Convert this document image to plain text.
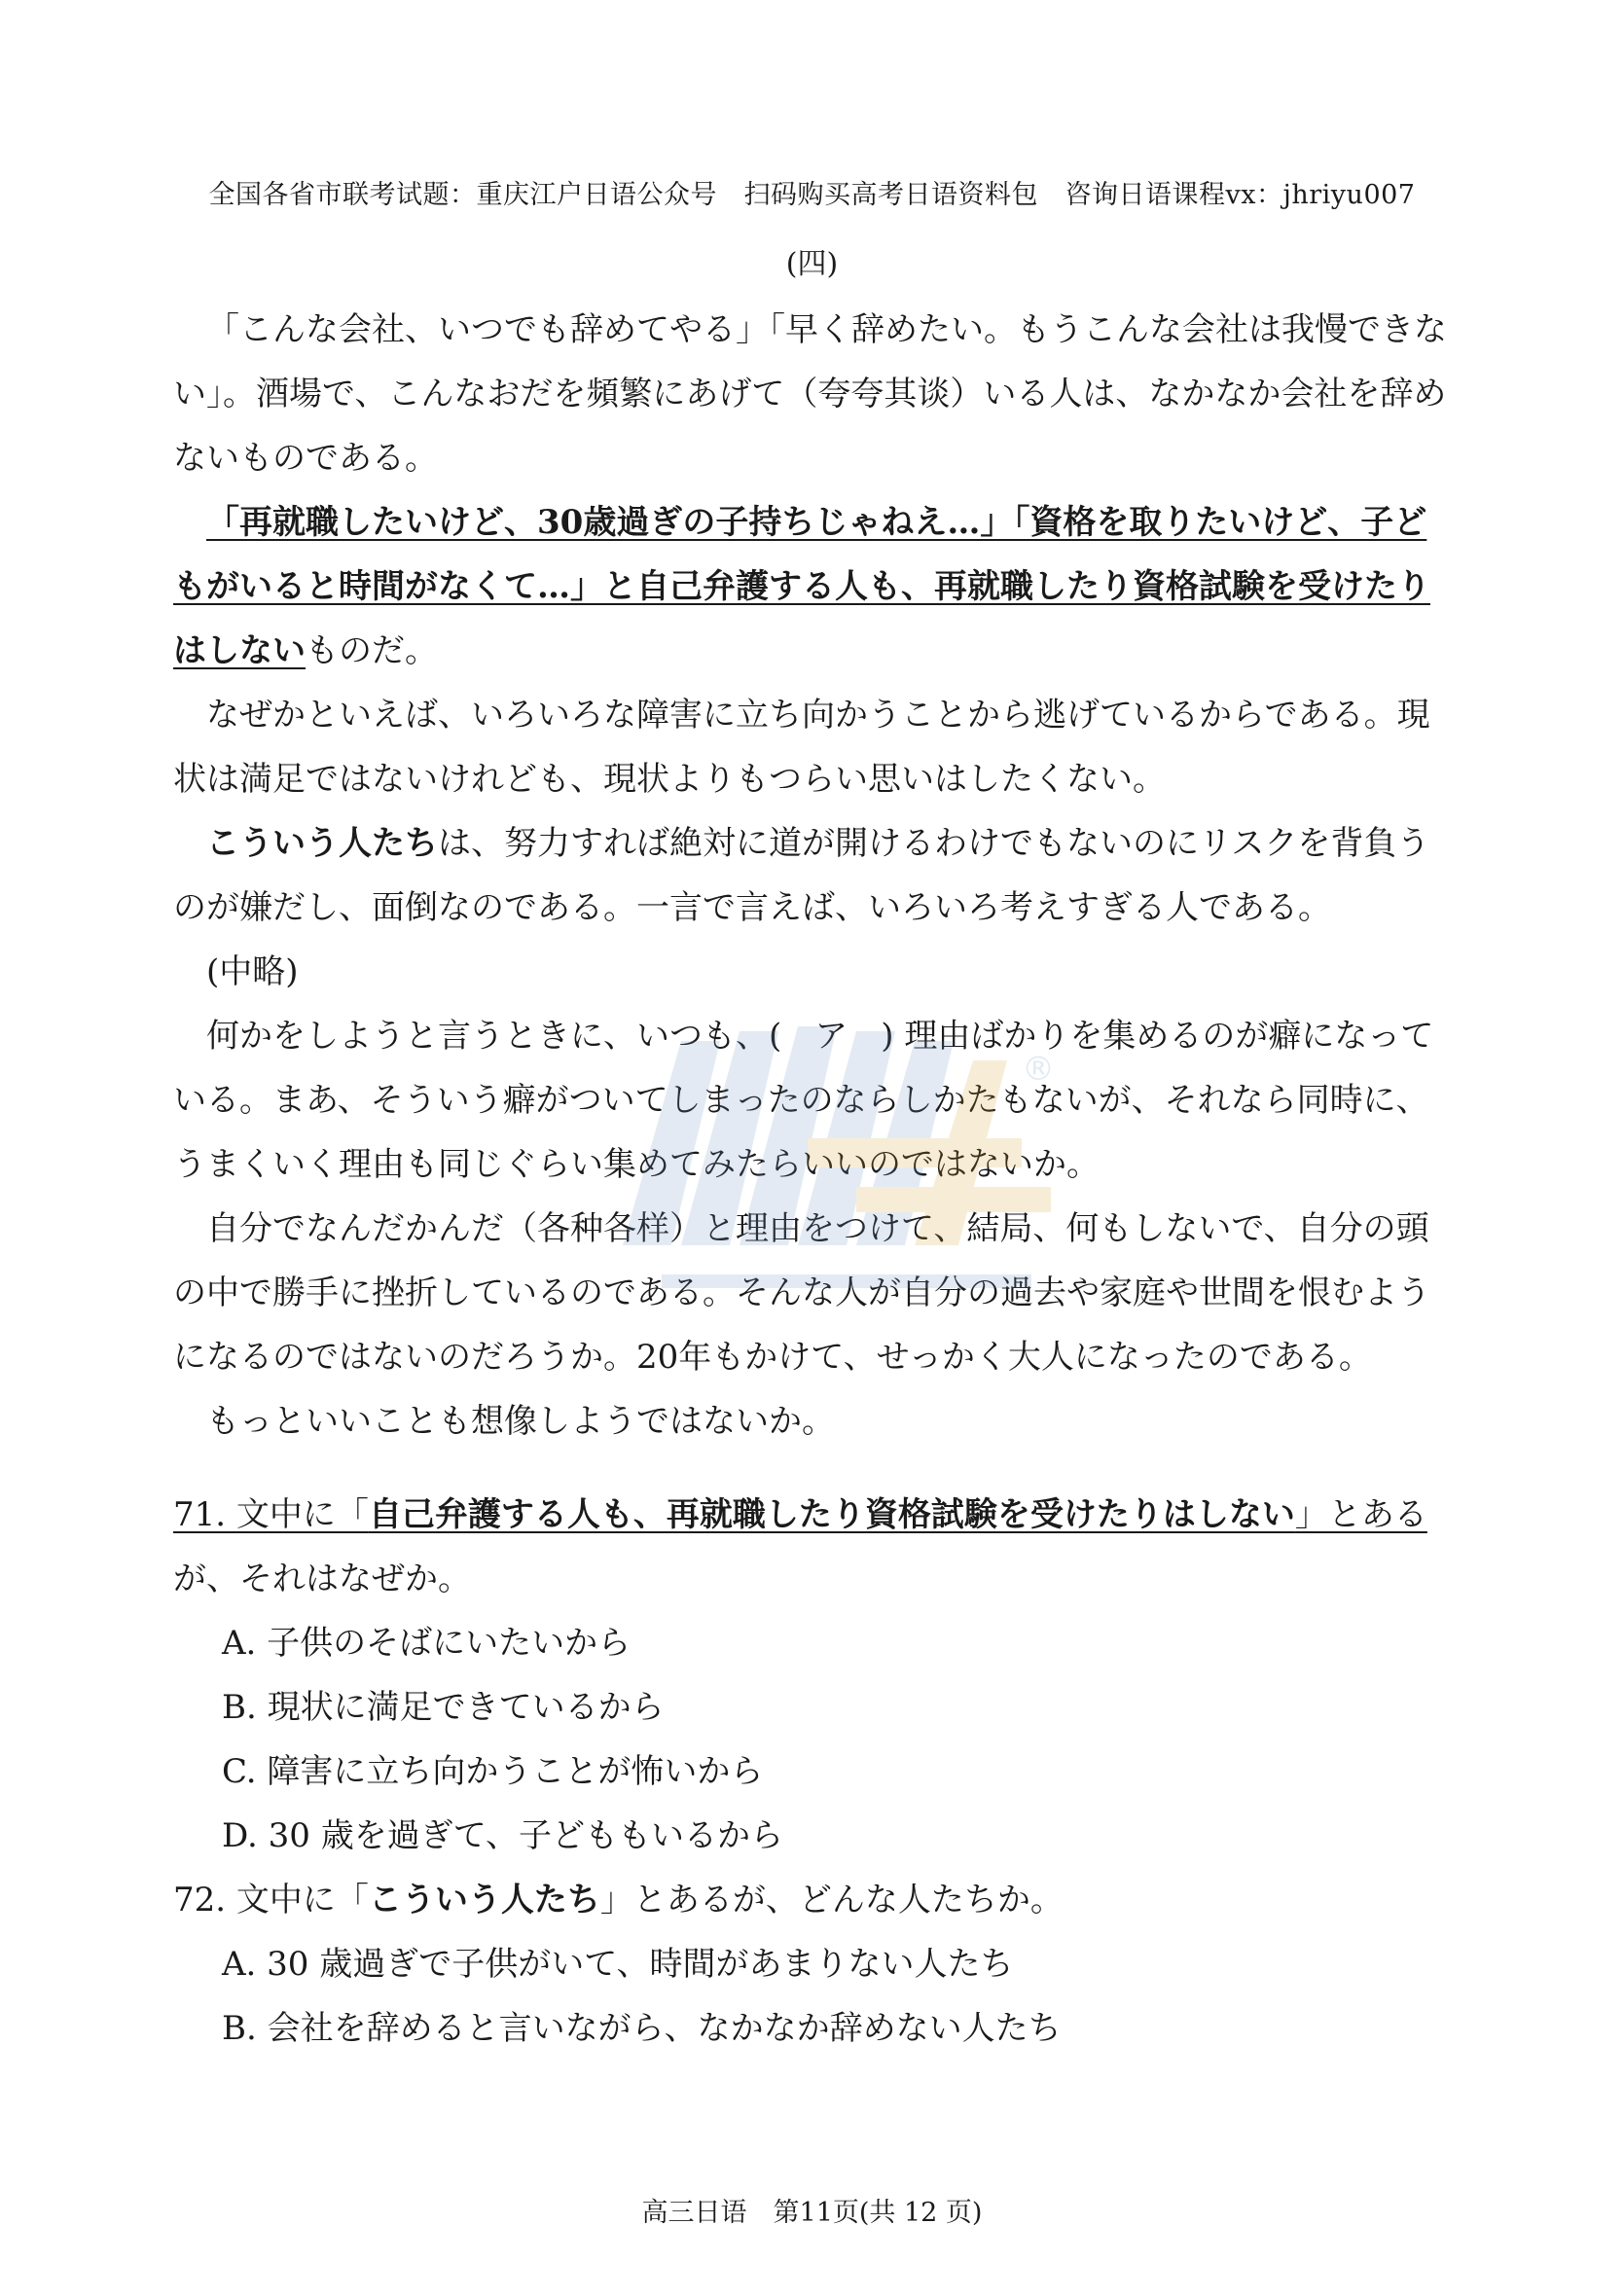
全国各省市联考试题：重庆江户日语公众号　扫码购买高考日语资料包　咨询日语课程vx：jhriyu007
(四)

「こんな会社、いつでも辞めてやる」「早く辞めたい。もうこんな会社は我慢できない」。酒場で、こんなおだを頻繁にあげて（夸夸其谈）いる人は、なかなか会社を辞めないものである。

「再就職したいけど、30歳過ぎの子持ちじゃねえ…」「資格を取りたいけど、子どもがいると時間がなくて…」と自己弁護する人も、再就職したり資格試験を受けたりはしないものだ。

なぜかといえば、いろいろな障害に立ち向かうことから逃げているからである。現状は満足ではないけれども、現状よりもつらい思いはしたくない。

こういう人たちは、努力すれば絶対に道が開けるわけでもないのにリスクを背負うのが嫌だし、面倒なのである。一言で言えば、いろいろ考えすぎる人である。

(中略)

何かをしようと言うときに、いつも、(　ア　) 理由ばかりを集めるのが癖になっている。まあ、そういう癖がついてしまったのならしかたもないが、それなら同時に、うまくいく理由も同じぐらい集めてみたらいいのではないか。

自分でなんだかんだ（各种各样）と理由をつけて、結局、何もしないで、自分の頭の中で勝手に挫折しているのである。そんな人が自分の過去や家庭や世間を恨むようになるのではないのだろうか。20年もかけて、せっかく大人になったのである。

もっといいことも想像しようではないか。

71. 文中に「自己弁護する人も、再就職したり資格試験を受けたりはしない」とある

が、それはなぜか。

A. 子供のそばにいたいから

B. 現状に満足できているから

C. 障害に立ち向かうことが怖いから

D. 30 歳を過ぎて、子どももいるから

72. 文中に「こういう人たち」とあるが、どんな人たちか。

A. 30 歳過ぎで子供がいて、時間があまりない人たち

B. 会社を辞めると言いながら、なかなか辞めない人たち

®
高三日语　第11页(共 12 页)
